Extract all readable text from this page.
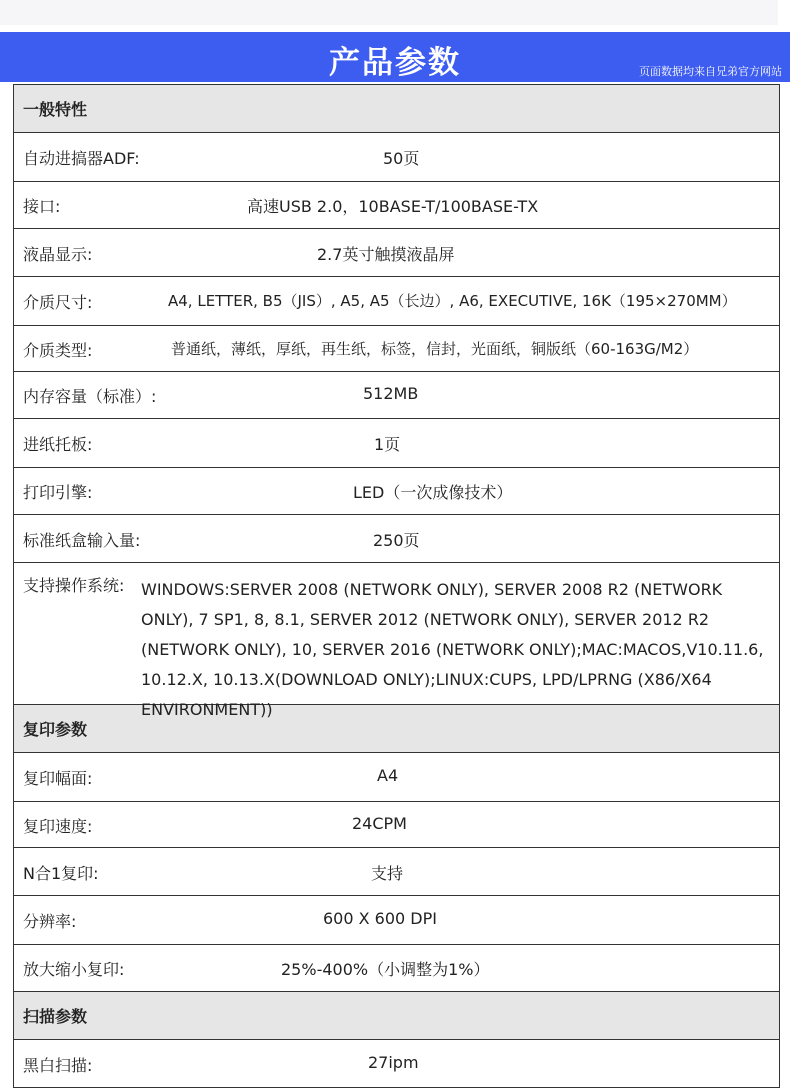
产品参数	页面数据均来自兄弟官方网站
一般特性

自动进搞器ADF:	50页

接口:	高速USB 2.0，10BASE-T/100BASE-TX

液晶显示:	2.7英寸触摸液晶屏

介质尺寸:	A4, LETTER, B5（JIS）, A5, A5（长边）, A6, EXECUTIVE, 16K（195×270MM）

介质类型:	普通纸，薄纸，厚纸，再生纸，标签，信封，光面纸，铜版纸（60-163G/M2）

内存容量（标准）:	512MB

进纸托板:	1页

打印引擎:	LED（一次成像技术）

标准纸盒输入量:	250页

支持操作系统: WINDOWS:SERVER 2008 (NETWORK ONLY), SERVER 2008 R2 (NETWORK ONLY), 7 SP1, 8, 8.1, SERVER 2012 (NETWORK ONLY), SERVER 2012 R2 (NETWORK ONLY), 10, SERVER 2016 (NETWORK ONLY);MAC:MACOS,V10.11.6, 10.12.X, 10.13.X(DOWNLOAD ONLY);LINUX:CUPS, LPD/LPRNG (X86/X64 ENVIRONMENT))

复印参数

复印幅面:	A4

复印速度:	24CPM

N合1复印:	支持

分辨率:	600 X 600 DPI

放大缩小复印:	25%-400%（小调整为1%）

扫描参数

黑白扫描:	27ipm
